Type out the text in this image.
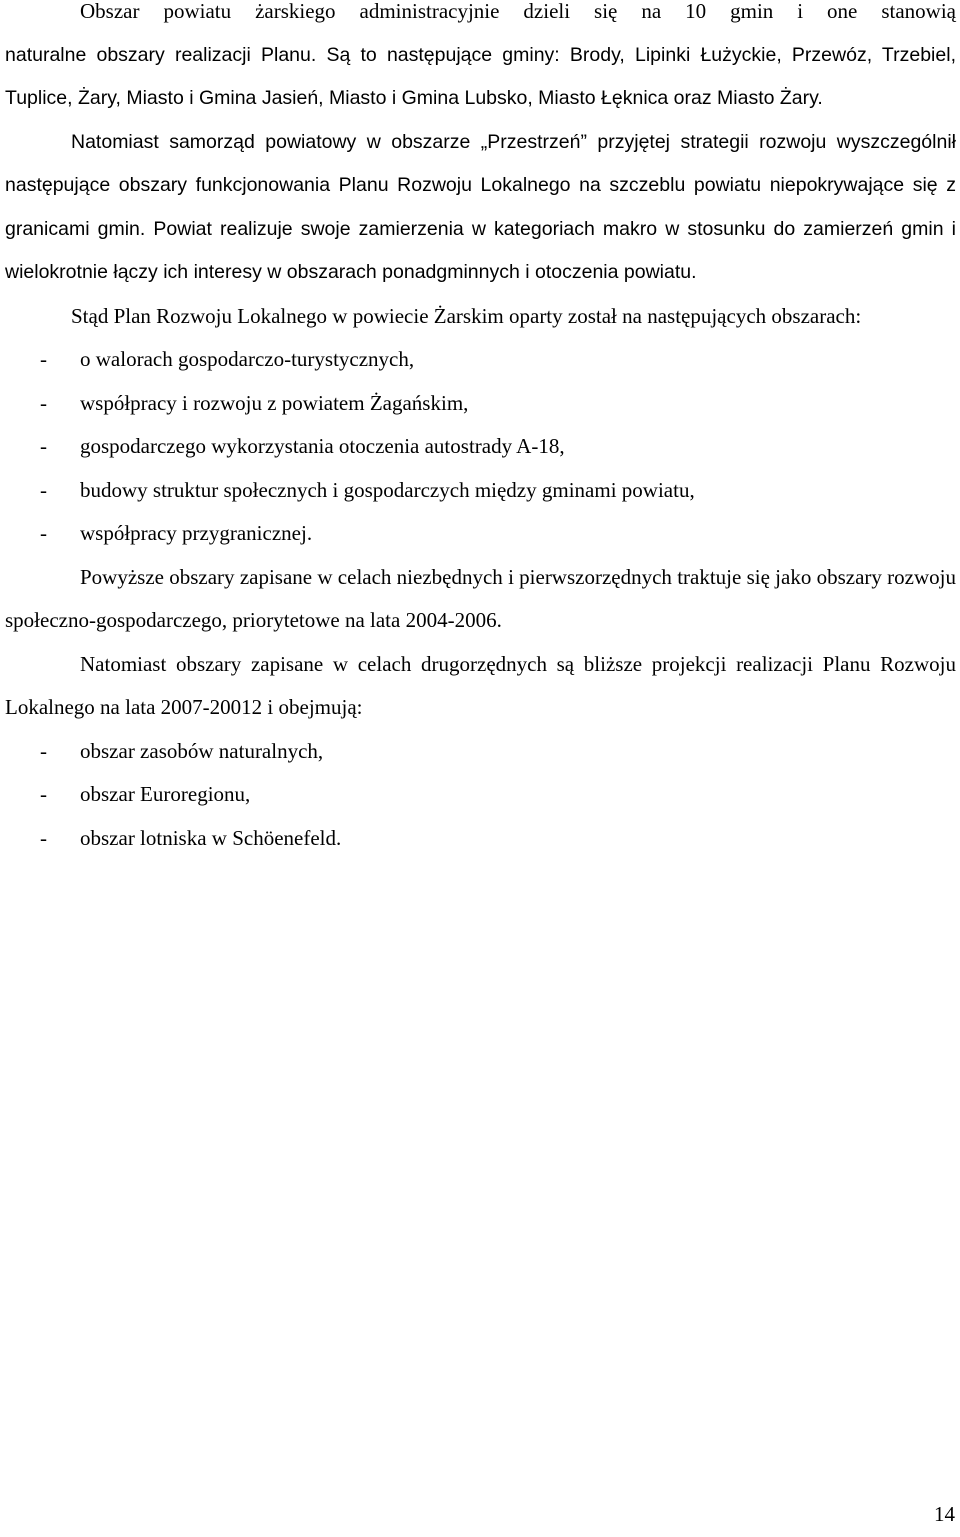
Obszar powiatu żarskiego administracyjnie dzieli się na 10 gmin i one stanowią

naturalne obszary realizacji Planu. Są to następujące gminy: Brody, Lipinki Łużyckie, Przewóz, Trzebiel, Tuplice, Żary, Miasto i Gmina Jasień, Miasto i Gmina Lubsko, Miasto Łęknica oraz Miasto Żary.

Natomiast samorząd powiatowy w obszarze „Przestrzeń” przyjętej strategii rozwoju wyszczególnił następujące obszary funkcjonowania Planu Rozwoju Lokalnego na szczeblu powiatu niepokrywające się z granicami gmin. Powiat realizuje swoje zamierzenia w kategoriach makro w stosunku do zamierzeń gmin i wielokrotnie łączy ich interesy w obszarach ponadgminnych i otoczenia powiatu.

Stąd Plan Rozwoju Lokalnego w powiecie Żarskim oparty został na następujących obszarach:

- o walorach gospodarczo-turystycznych,
- współpracy i rozwoju z powiatem Żagańskim,
- gospodarczego wykorzystania otoczenia autostrady A-18,
- budowy struktur społecznych i gospodarczych między gminami powiatu,
- współpracy przygranicznej.

Powyższe obszary zapisane w celach niezbędnych i pierwszorzędnych traktuje się jako obszary rozwoju społeczno-gospodarczego, priorytetowe na lata 2004-2006.

Natomiast obszary zapisane w celach drugorzędnych są bliższe projekcji realizacji Planu Rozwoju Lokalnego na lata 2007-20012 i obejmują:

- obszar zasobów naturalnych,
- obszar Euroregionu,
- obszar lotniska w Schöenefeld.
14
